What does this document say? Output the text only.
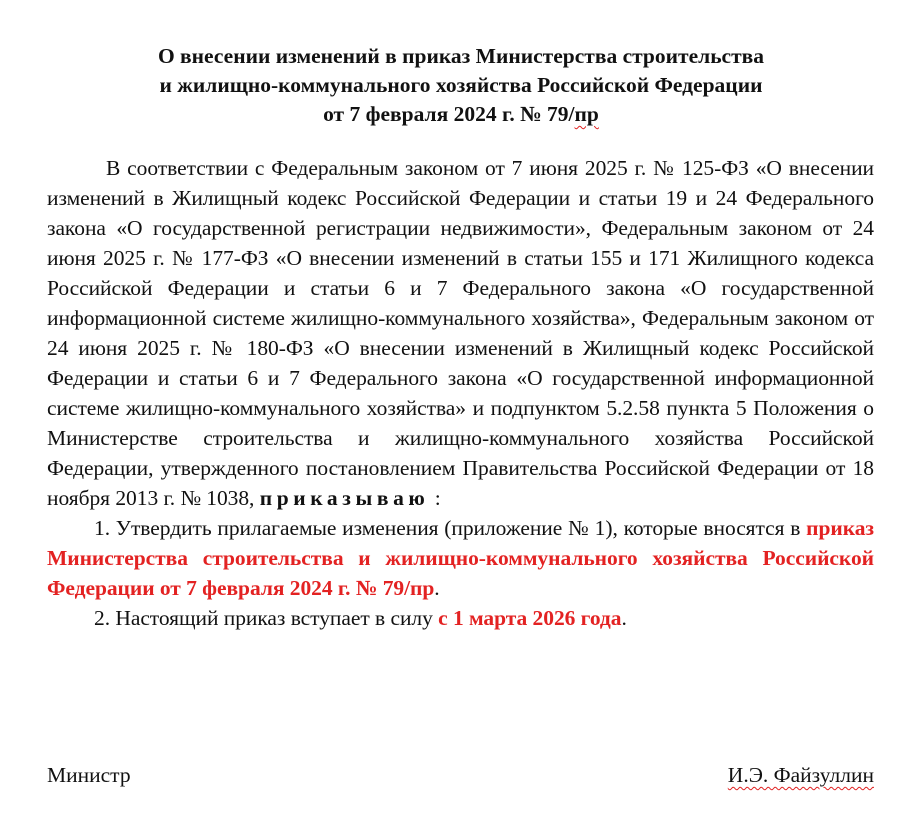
О внесении изменений в приказ Министерства строительства
и жилищно-коммунального хозяйства Российской Федерации
от 7 февраля 2024 г. № 79/пр

В соответствии с Федеральным законом от 7 июня 2025 г. № 125-ФЗ «О внесении изменений в Жилищный кодекс Российской Федерации и статьи 19 и 24 Федерального закона «О государственной регистрации недвижимости», Федеральным законом от 24 июня 2025 г. № 177-ФЗ «О внесении изменений в статьи 155 и 171 Жилищного кодекса Российской Федерации и статьи 6 и 7 Федерального закона «О государственной информационной системе жилищно-коммунального хозяйства», Федеральным законом от 24 июня 2025 г. № 180-ФЗ «О внесении изменений в Жилищный кодекс Российской Федерации и статьи 6 и 7 Федерального закона «О государственной информационной системе жилищно-коммунального хозяйства» и подпунктом 5.2.58 пункта 5 Положения о Министерстве строительства и жилищно-коммунального хозяйства Российской Федерации, утвержденного постановлением Правительства Российской Федерации от 18 ноября 2013 г. № 1038, приказываю :

1. Утвердить прилагаемые изменения (приложение № 1), которые вносятся в приказ Министерства строительства и жилищно-коммунального хозяйства Российской Федерации от 7 февраля 2024 г. № 79/пр.

2. Настоящий приказ вступает в силу с 1 марта 2026 года.

Министр	И.Э. Файзуллин
